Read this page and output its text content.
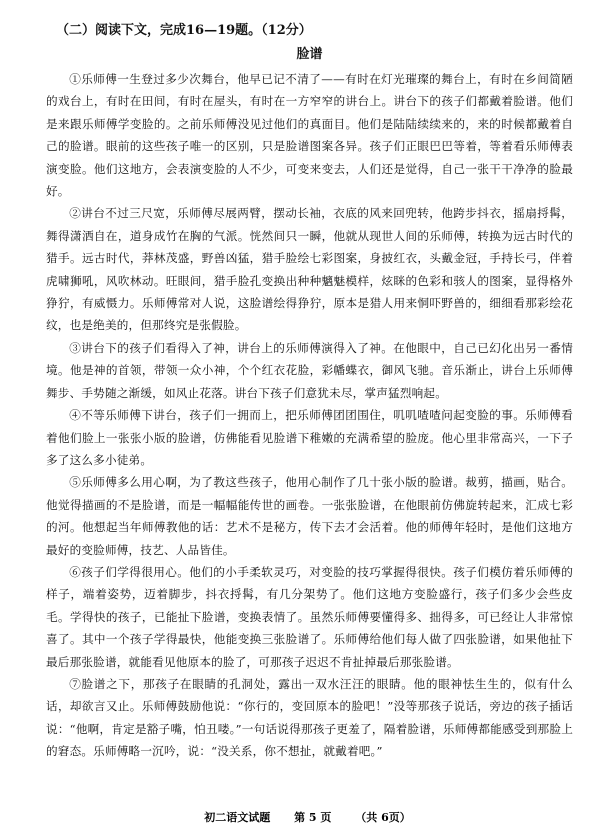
（二）阅读下文，完成16—19题。（12分）
脸谱

①乐师傅一生登过多少次舞台，他早已记不清了——有时在灯光璀璨的舞台上，有时在乡间简陋的戏台上，有时在田间，有时在屋头，有时在一方窄窄的讲台上。讲台下的孩子们都戴着脸谱。他们是来跟乐师傅学变脸的。之前乐师傅没见过他们的真面目。他们是陆陆续续来的，来的时候都戴着自己的脸谱。眼前的这些孩子唯一的区别，只是脸谱图案各异。孩子们正眼巴巴等着，等着看乐师傅表演变脸。他们这地方，会表演变脸的人不少，可变来变去，人们还是觉得，自己一张干干净净的脸最好。

②讲台不过三尺宽，乐师傅尽展两臂，摆动长袖，衣底的风来回兜转，他跨步抖衣，摇扇捋髯，舞得潇洒自在，道身成竹在胸的气派。恍然间只一瞬，他就从现世人间的乐师傅，转换为远古时代的猎手。远古时代，莽林茂盛，野兽凶猛，猎手脸绘七彩图案，身披红衣，头戴金冠，手持长弓，伴着虎啸狮吼，风吹林动。旺眼间，猎手脸孔变换出种种魑魅模样，炫眯的色彩和骇人的图案，显得格外狰狞，有威慑力。乐师傅常对人说，这脸谱绘得狰狞，原本是猎人用来恫吓野兽的，细细看那彩绘花纹，也是绝美的，但那终究是张假脸。

③讲台下的孩子们看得入了神，讲台上的乐师傅演得入了神。在他眼中，自己已幻化出另一番情境。他是神的首领，带领一众小神，个个红衣花脸，彩幡蝶衣，御风飞驰。音乐渐止，讲台上乐师傅舞步、手势随之渐缓，如风止花落。讲台下孩子们意犹未尽，掌声猛烈响起。

④不等乐师傅下讲台，孩子们一拥而上，把乐师傅团团围住，叽叽喳喳问起变脸的事。乐师傅看着他们脸上一张张小版的脸谱，仿佛能看见脸谱下稚嫩的充满希望的脸庞。他心里非常高兴，一下子多了这么多小徒弟。

⑤乐师傅多么用心啊，为了教这些孩子，他用心制作了几十张小版的脸谱。裁剪，描画，贴合。他觉得描画的不是脸谱，而是一幅幅能传世的画卷。一张张脸谱，在他眼前仿佛旋转起来，汇成七彩的河。他想起当年师傅教他的话：艺术不是秘方，传下去才会活着。他的师傅年轻时，是他们这地方最好的变脸师傅，技艺、人品皆佳。

⑥孩子们学得很用心。他们的小手柔软灵巧，对变脸的技巧掌握得很快。孩子们模仿着乐师傅的样子，端着姿势，迈着脚步，抖衣捋髯，有几分架势了。他们这地方变脸盛行，孩子们多少会些皮毛。学得快的孩子，已能扯下脸谱，变换表情了。虽然乐师傅要懂得多、拙得多，可已经让人非常惊喜了。其中一个孩子学得最快，他能变换三张脸谱了。乐师傅给他们每人做了四张脸谱，如果他扯下最后那张脸谱，就能看见他原本的脸了，可那孩子迟迟不肯扯掉最后那张脸谱。

⑦脸谱之下，那孩子在眼睛的孔洞处，露出一双水汪汪的眼睛。他的眼神怯生生的，似有什么话，却欲言又止。乐师傅鼓励他说：“你行的，变回原本的脸吧！”没等那孩子说话，旁边的孩子插话说：“他啊，肯定是豁子嘴，怕丑喽。”一句话说得那孩子更羞了，隔着脸谱，乐师傅都能感受到那脸上的窘态。乐师傅略一沉吟，说：“没关系，你不想扯，就戴着吧。”

初二语文试题 第 5 页 （共 6页）
